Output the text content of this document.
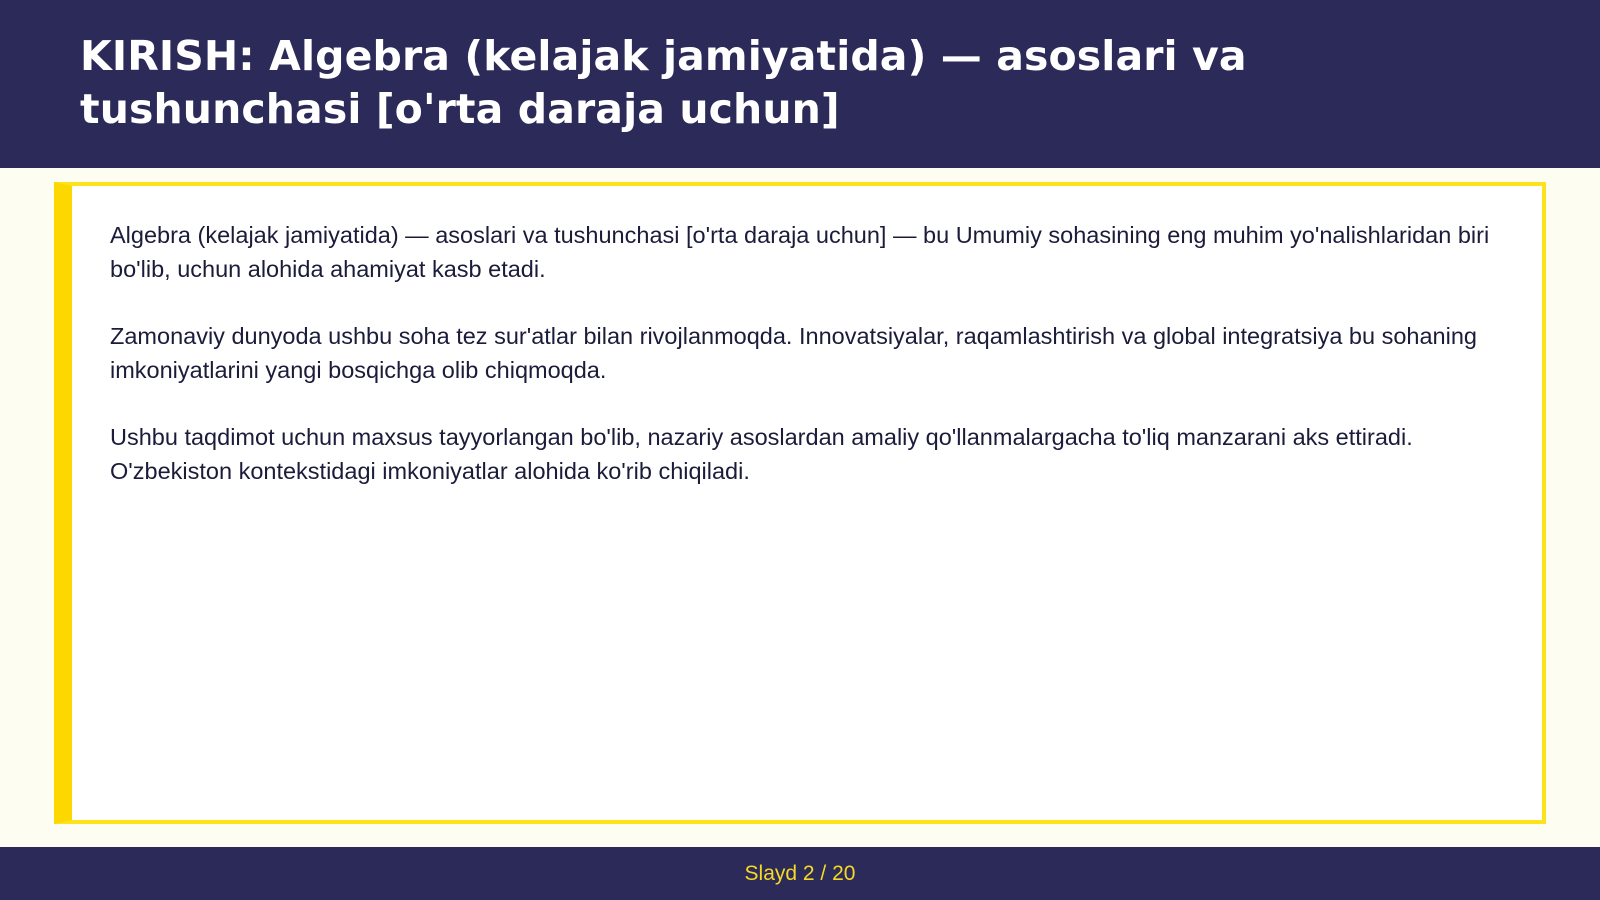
KIRISH: Algebra (kelajak jamiyatida) — asoslari va tushunchasi [o'rta daraja uchun]

Algebra (kelajak jamiyatida) — asoslari va tushunchasi [o'rta daraja uchun] — bu Umumiy sohasining eng muhim yo'nalishlaridan biri bo'lib, uchun alohida ahamiyat kasb etadi.

Zamonaviy dunyoda ushbu soha tez sur'atlar bilan rivojlanmoqda. Innovatsiyalar, raqamlashtirish va global integratsiya bu sohaning imkoniyatlarini yangi bosqichga olib chiqmoqda.

Ushbu taqdimot uchun maxsus tayyorlangan bo'lib, nazariy asoslardan amaliy qo'llanmalargacha to'liq manzarani aks ettiradi. O'zbekiston kontekstidagi imkoniyatlar alohida ko'rib chiqiladi.

Slayd 2 / 20
